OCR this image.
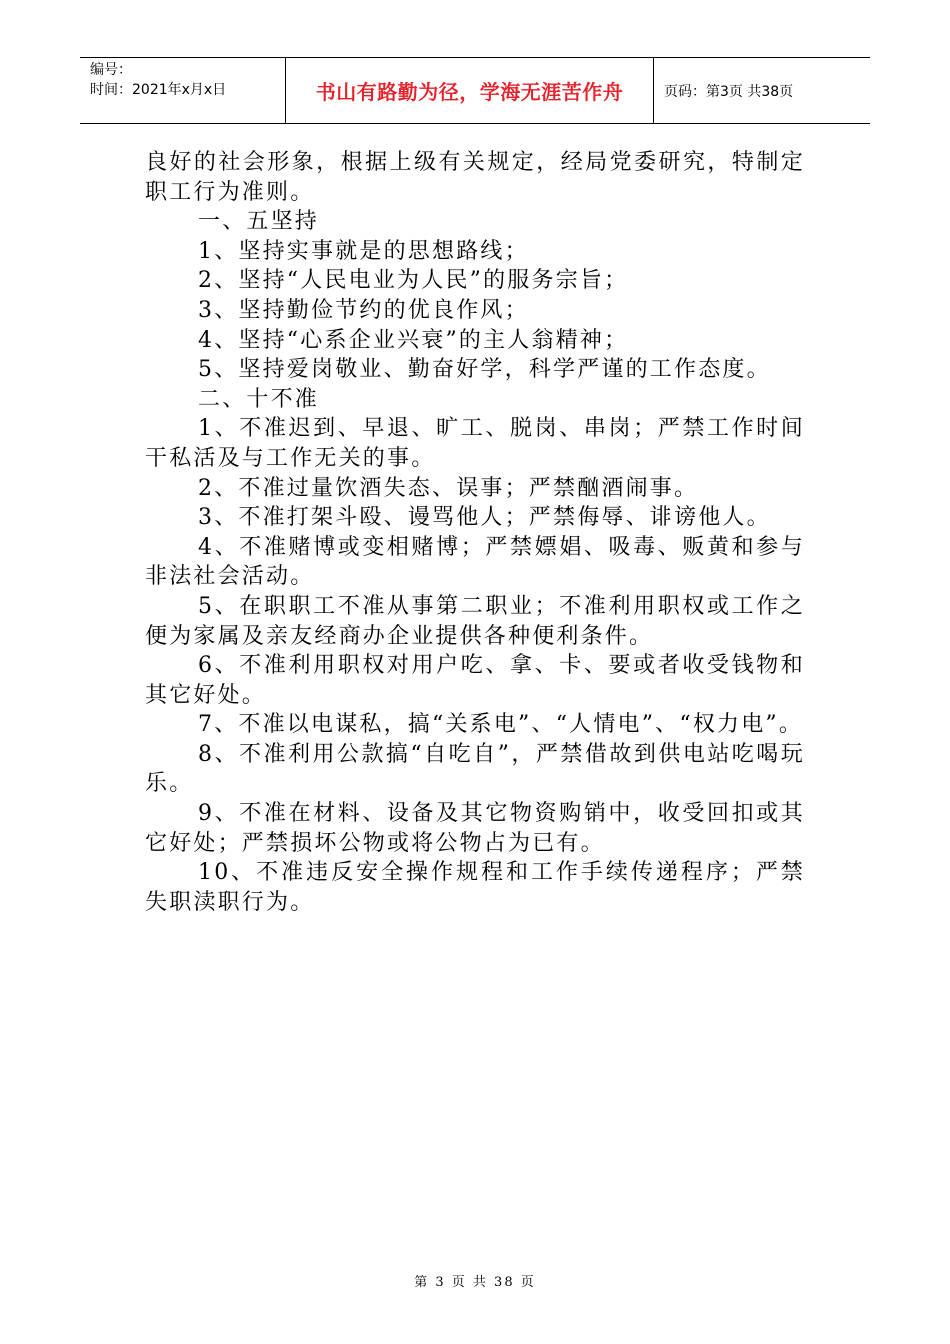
编号：
时间：2021年x月x日	书山有路勤为径，学海无涯苦作舟	页码：第3页 共38页

良好的社会形象，根据上级有关规定，经局党委研究，特制定职工行为准则。

一、五坚持

1、坚持实事就是的思想路线；

2、坚持“人民电业为人民”的服务宗旨；

3、坚持勤俭节约的优良作风；

4、坚持“心系企业兴衰”的主人翁精神；

5、坚持爱岗敬业、勤奋好学，科学严谨的工作态度。

二、十不准

1、不准迟到、早退、旷工、脱岗、串岗；严禁工作时间干私活及与工作无关的事。

2、不准过量饮酒失态、误事；严禁酗酒闹事。

3、不准打架斗殴、谩骂他人；严禁侮辱、诽谤他人。

4、不准赌博或变相赌博；严禁嫖娼、吸毒、贩黄和参与非法社会活动。

5、在职职工不准从事第二职业；不准利用职权或工作之便为家属及亲友经商办企业提供各种便利条件。

6、不准利用职权对用户吃、拿、卡、要或者收受钱物和其它好处。

7、不准以电谋私，搞“关系电”、“人情电”、“权力电”。

8、不准利用公款搞“自吃自”，严禁借故到供电站吃喝玩乐。

9、不准在材料、设备及其它物资购销中，收受回扣或其它好处；严禁损坏公物或将公物占为已有。

10、不准违反安全操作规程和工作手续传递程序；严禁失职渎职行为。

第 3 页 共 38 页
